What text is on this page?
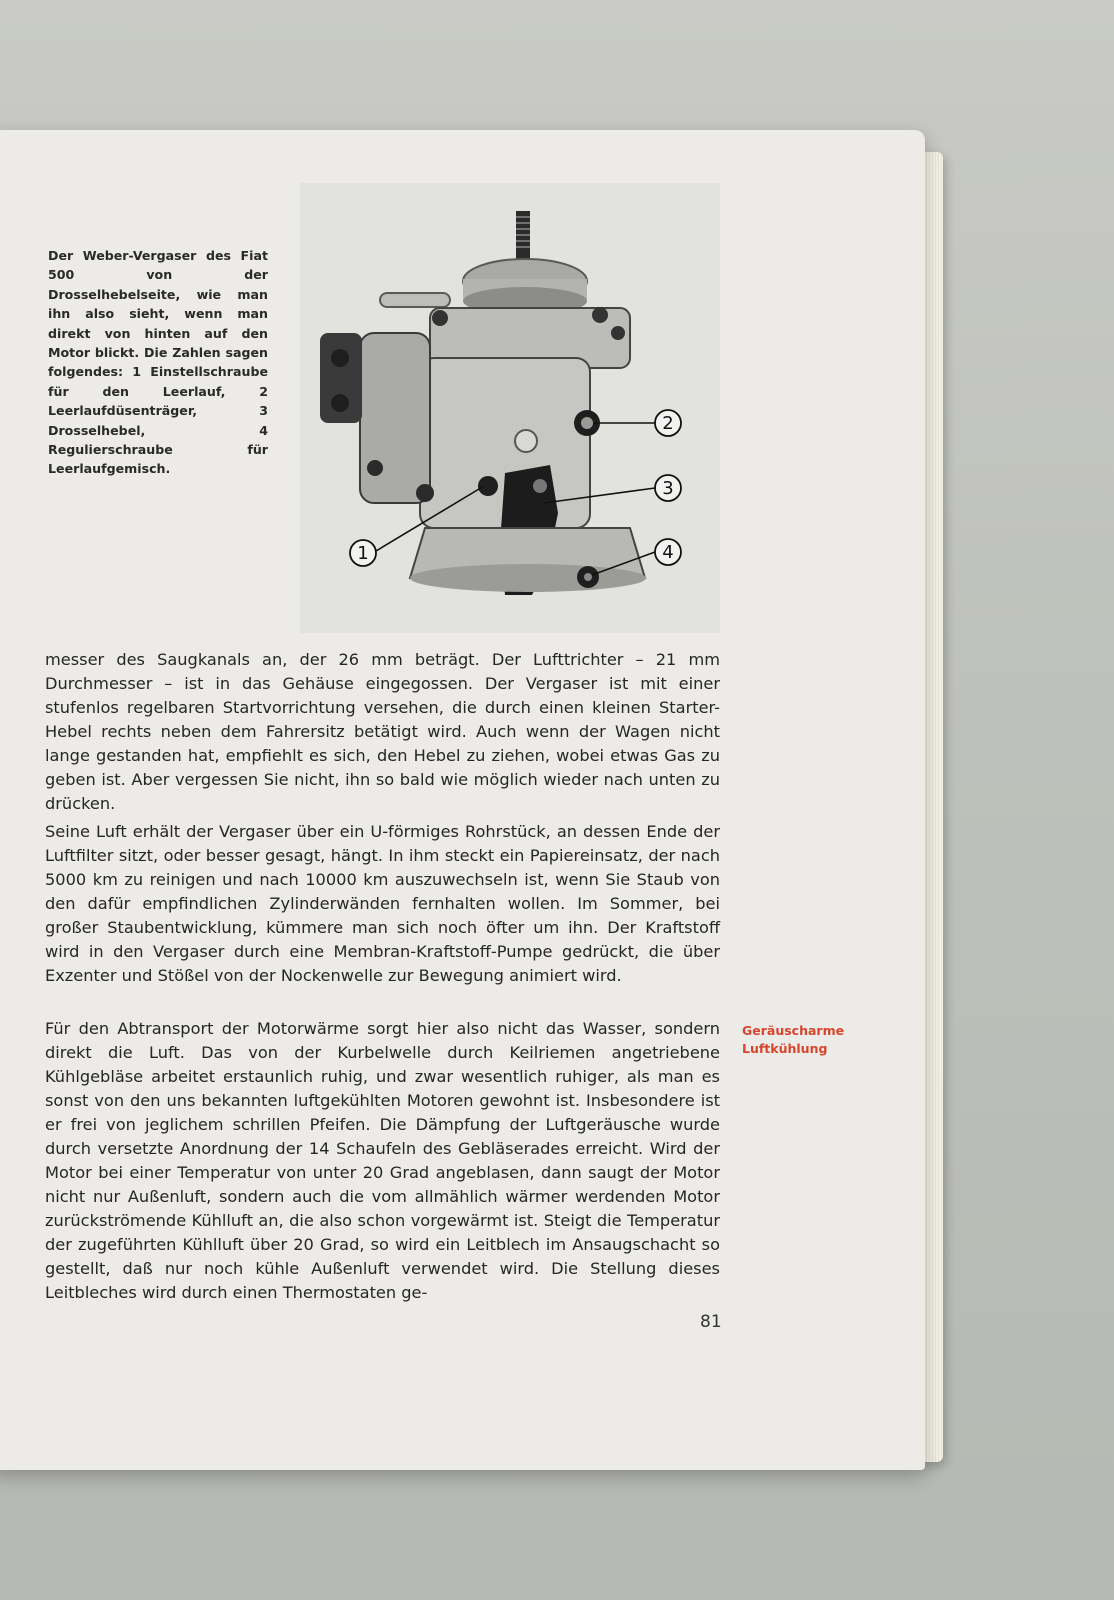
Der Weber-Vergaser des Fiat 500 von der Drosselhebelseite, wie man ihn also sieht, wenn man direkt von hinten auf den Motor blickt. Die Zahlen sagen folgendes: 1 Einstellschraube für den Leerlauf, 2 Leerlaufdüsenträger, 3 Drosselhebel, 4 Regulierschraube für Leerlaufgemisch.
1
2
3
4

messer des Saugkanals an, der 26 mm beträgt. Der Lufttrichter – 21 mm Durchmesser – ist in das Gehäuse eingegossen. Der Vergaser ist mit einer stufenlos regelbaren Startvorrichtung versehen, die durch einen kleinen Starter-Hebel rechts neben dem Fahrersitz betätigt wird. Auch wenn der Wagen nicht lange gestanden hat, empfiehlt es sich, den Hebel zu ziehen, wobei etwas Gas zu geben ist. Aber vergessen Sie nicht, ihn so bald wie möglich wieder nach unten zu drücken.

Seine Luft erhält der Vergaser über ein U-förmiges Rohrstück, an dessen Ende der Luftfilter sitzt, oder besser gesagt, hängt. In ihm steckt ein Papiereinsatz, der nach 5000 km zu reinigen und nach 10000 km auszuwechseln ist, wenn Sie Staub von den dafür empfindlichen Zylinderwänden fernhalten wollen. Im Sommer, bei großer Staubentwicklung, kümmere man sich noch öfter um ihn. Der Kraftstoff wird in den Vergaser durch eine Membran-Kraftstoff-Pumpe gedrückt, die über Exzenter und Stößel von der Nockenwelle zur Bewegung animiert wird.

Für den Abtransport der Motorwärme sorgt hier also nicht das Wasser, sondern direkt die Luft. Das von der Kurbelwelle durch Keilriemen angetriebene Kühlgebläse arbeitet erstaunlich ruhig, und zwar wesentlich ruhiger, als man es sonst von den uns bekannten luftgekühlten Motoren gewohnt ist. Insbesondere ist er frei von jeglichem schrillen Pfeifen. Die Dämpfung der Luftgeräusche wurde durch versetzte Anordnung der 14 Schaufeln des Gebläserades erreicht. Wird der Motor bei einer Temperatur von unter 20 Grad angeblasen, dann saugt der Motor nicht nur Außenluft, sondern auch die vom allmählich wärmer werdenden Motor zurückströmende Kühlluft an, die also schon vorgewärmt ist. Steigt die Temperatur der zugeführten Kühlluft über 20 Grad, so wird ein Leitblech im Ansaugschacht so gestellt, daß nur noch kühle Außenluft verwendet wird. Die Stellung dieses Leitbleches wird durch einen Thermostaten ge-

Geräuscharme
Luftkühlung
81
